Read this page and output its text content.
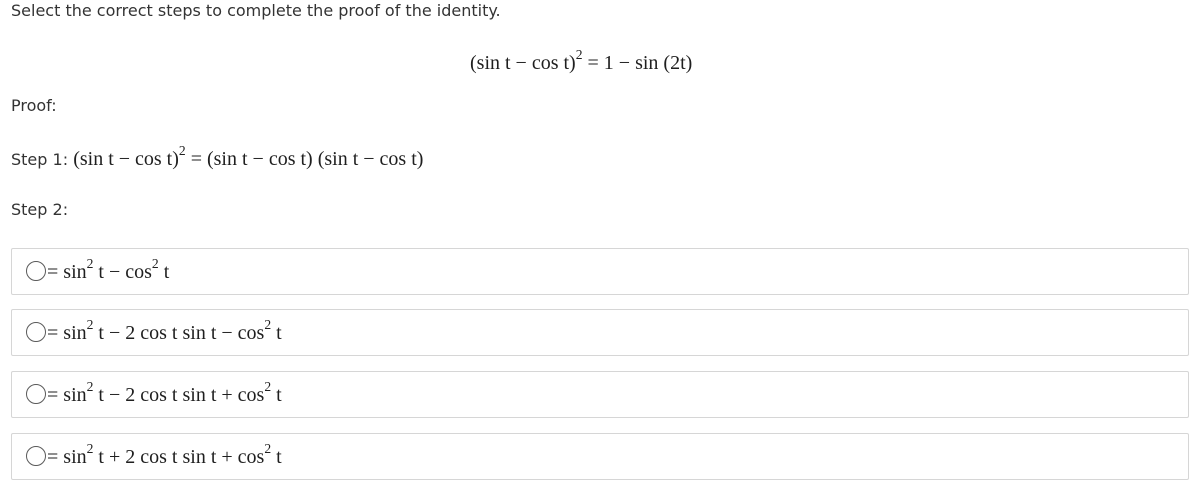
Select the correct steps to complete the proof of the identity.
(sin t − cos t)$^2$ = 1 − sin (2t)
Proof:
Step 1: (sin t − cos t)$^2$ = (sin t − cos t) (sin t − cos t)
Step 2:
= $\sin^2 t - \cos^2 t$
= $\sin^2 t - 2$ cos t $\sin t - \cos^2 t$
= $\sin^2 t - 2$ cos t $\sin t + \cos^2 t$
= $\sin^2 t + 2$ cos t $\sin t + \cos^2 t$
